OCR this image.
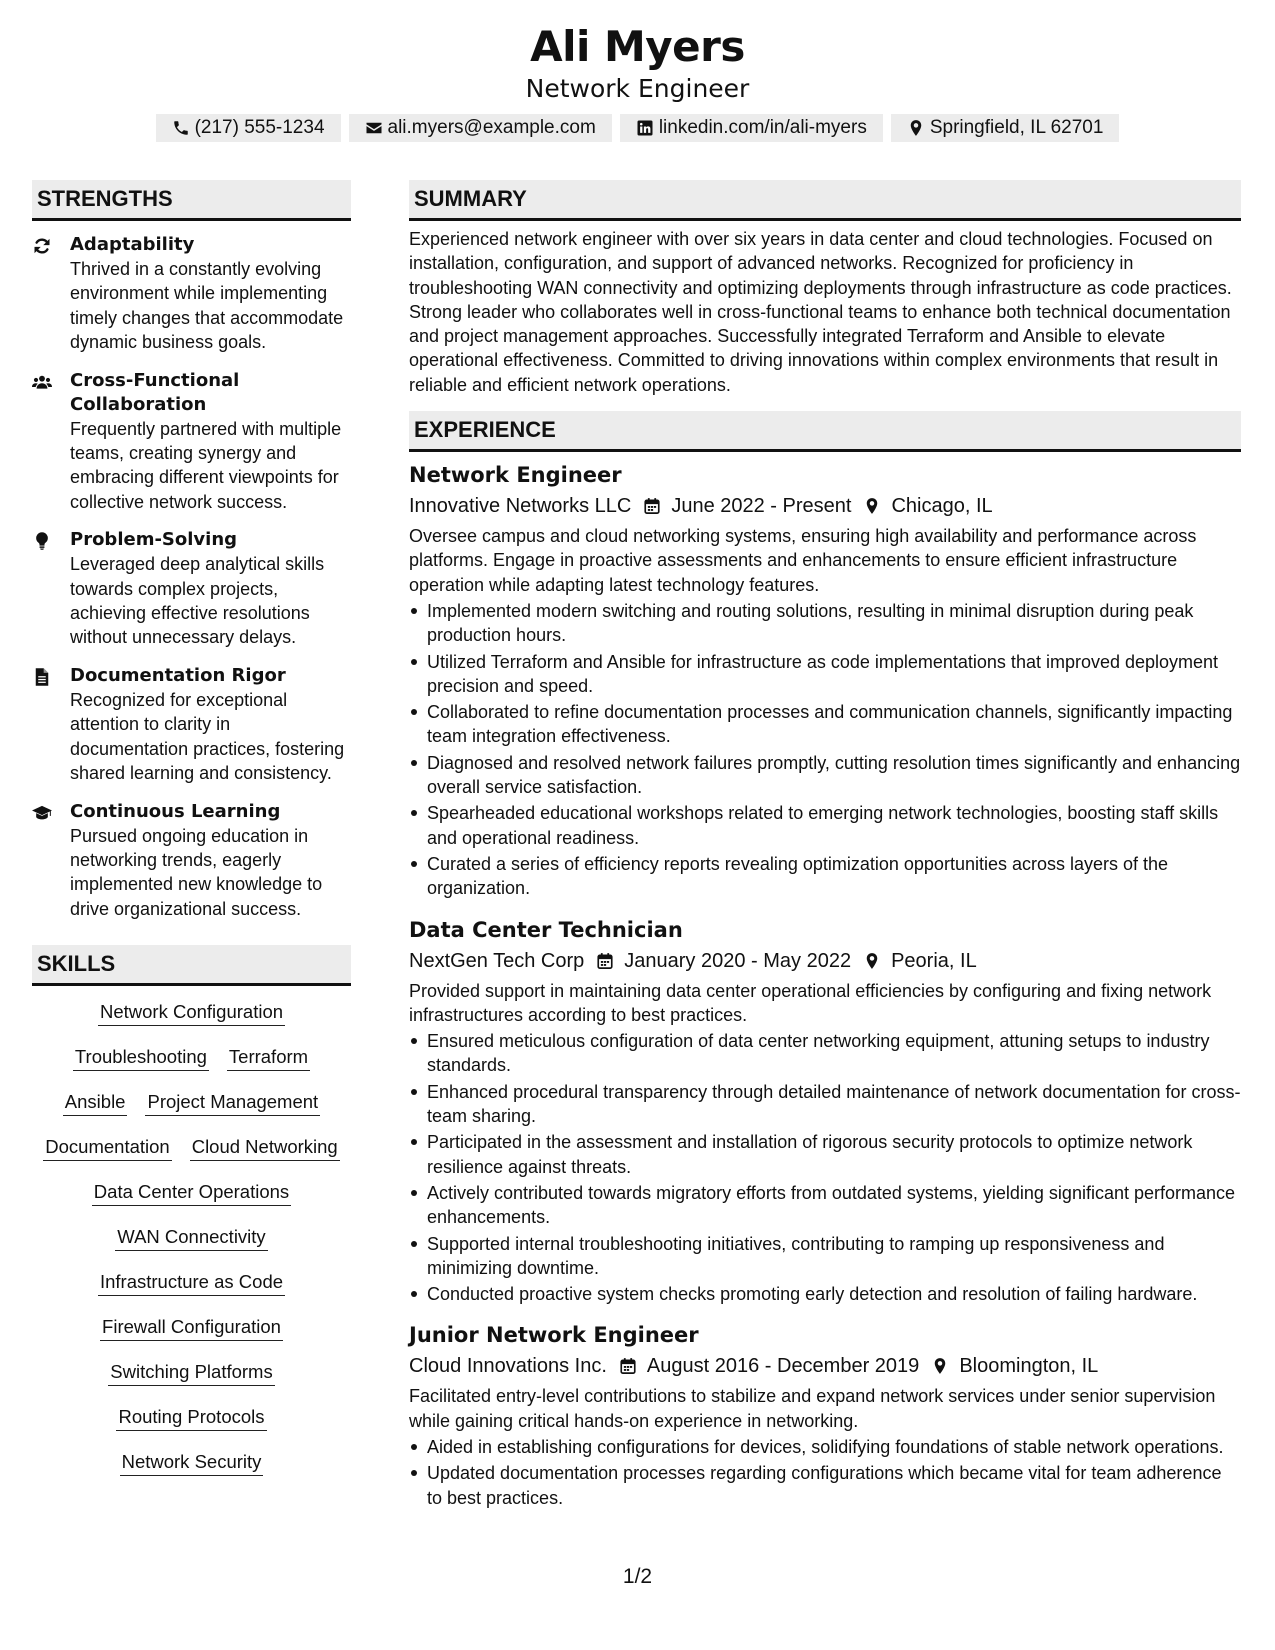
Ali Myers
Network Engineer
(217) 555-1234	ali.myers@example.com	linkedin.com/in/ali-myers	Springfield, IL 62701
STRENGTHS
Adaptability
Thrived in a constantly evolving environment while implementing timely changes that accommodate dynamic business goals.
Cross-Functional Collaboration
Frequently partnered with multiple teams, creating synergy and embracing different viewpoints for collective network success.
Problem-Solving
Leveraged deep analytical skills towards complex projects, achieving effective resolutions without unnecessary delays.
Documentation Rigor
Recognized for exceptional attention to clarity in documentation practices, fostering shared learning and consistency.
Continuous Learning
Pursued ongoing education in networking trends, eagerly implemented new knowledge to drive organizational success.
SKILLS
Network Configuration
Troubleshooting Terraform
Ansible Project Management
Documentation Cloud Networking
Data Center Operations
WAN Connectivity
Infrastructure as Code
Firewall Configuration
Switching Platforms
Routing Protocols
Network Security
SUMMARY
Experienced network engineer with over six years in data center and cloud technologies. Focused on installation, configuration, and support of advanced networks. Recognized for proficiency in troubleshooting WAN connectivity and optimizing deployments through infrastructure as code practices. Strong leader who collaborates well in cross-functional teams to enhance both technical documentation and project management approaches. Successfully integrated Terraform and Ansible to elevate operational effectiveness. Committed to driving innovations within complex environments that result in reliable and efficient network operations.
EXPERIENCE
Network Engineer
Innovative Networks LLC June 2022 - Present Chicago, IL
Oversee campus and cloud networking systems, ensuring high availability and performance across platforms. Engage in proactive assessments and enhancements to ensure efficient infrastructure operation while adapting latest technology features.
Implemented modern switching and routing solutions, resulting in minimal disruption during peak production hours.
Utilized Terraform and Ansible for infrastructure as code implementations that improved deployment precision and speed.
Collaborated to refine documentation processes and communication channels, significantly impacting team integration effectiveness.
Diagnosed and resolved network failures promptly, cutting resolution times significantly and enhancing overall service satisfaction.
Spearheaded educational workshops related to emerging network technologies, boosting staff skills and operational readiness.
Curated a series of efficiency reports revealing optimization opportunities across layers of the organization.
Data Center Technician
NextGen Tech Corp January 2020 - May 2022 Peoria, IL
Provided support in maintaining data center operational efficiencies by configuring and fixing network infrastructures according to best practices.
Ensured meticulous configuration of data center networking equipment, attuning setups to industry standards.
Enhanced procedural transparency through detailed maintenance of network documentation for cross-team sharing.
Participated in the assessment and installation of rigorous security protocols to optimize network resilience against threats.
Actively contributed towards migratory efforts from outdated systems, yielding significant performance enhancements.
Supported internal troubleshooting initiatives, contributing to ramping up responsiveness and minimizing downtime.
Conducted proactive system checks promoting early detection and resolution of failing hardware.
Junior Network Engineer
Cloud Innovations Inc. August 2016 - December 2019 Bloomington, IL
Facilitated entry-level contributions to stabilize and expand network services under senior supervision while gaining critical hands-on experience in networking.
Aided in establishing configurations for devices, solidifying foundations of stable network operations.
Updated documentation processes regarding configurations which became vital for team adherence to best practices.
1/2
